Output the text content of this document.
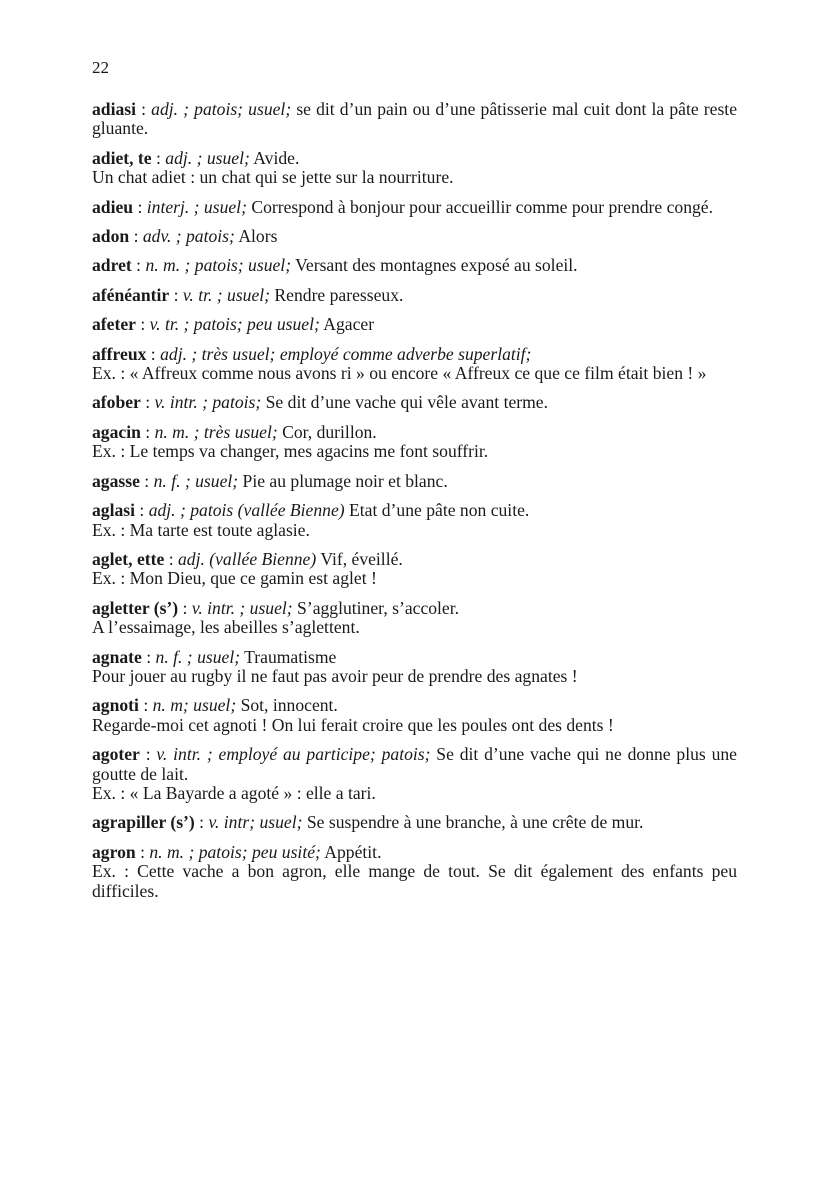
22

adiasi : adj. ; patois; usuel; se dit d’un pain ou d’une pâtisserie mal cuit dont la pâte reste gluante.

adiet, te : adj. ; usuel; Avide.

Un chat adiet : un chat qui se jette sur la nourriture.

adieu : interj. ; usuel; Correspond à bonjour pour accueillir comme pour prendre congé.

adon : adv. ; patois; Alors

adret : n. m. ; patois; usuel; Versant des montagnes exposé au soleil.

afénéantir : v. tr. ; usuel; Rendre paresseux.

afeter : v. tr. ; patois; peu usuel; Agacer

affreux : adj. ; très usuel; employé comme adverbe superlatif;

Ex. : « Affreux comme nous avons ri » ou encore « Affreux ce que ce film était bien ! »

afober : v. intr. ; patois; Se dit d’une vache qui vêle avant terme.

agacin : n. m. ; très usuel; Cor, durillon.

Ex. : Le temps va changer, mes agacins me font souffrir.

agasse : n. f. ; usuel; Pie au plumage noir et blanc.

aglasi : adj. ; patois (vallée Bienne) Etat d’une pâte non cuite.

Ex. : Ma tarte est toute aglasie.

aglet, ette : adj. (vallée Bienne) Vif, éveillé.

Ex. : Mon Dieu, que ce gamin est aglet !

agletter (s’) : v. intr. ; usuel; S’agglutiner, s’accoler.

A l’essaimage, les abeilles s’aglettent.

agnate : n. f. ; usuel; Traumatisme

Pour jouer au rugby il ne faut pas avoir peur de prendre des agnates !

agnoti : n. m; usuel; Sot, innocent.

Regarde-moi cet agnoti ! On lui ferait croire que les poules ont des dents !

agoter : v. intr. ; employé au participe; patois; Se dit d’une vache qui ne donne plus une goutte de lait.

Ex. : « La Bayarde a agoté » : elle a tari.

agrapiller (s’) : v. intr; usuel; Se suspendre à une branche, à une crête de mur.

agron : n. m. ; patois; peu usité; Appétit.

Ex. : Cette vache a bon agron, elle mange de tout. Se dit également des enfants peu difficiles.
